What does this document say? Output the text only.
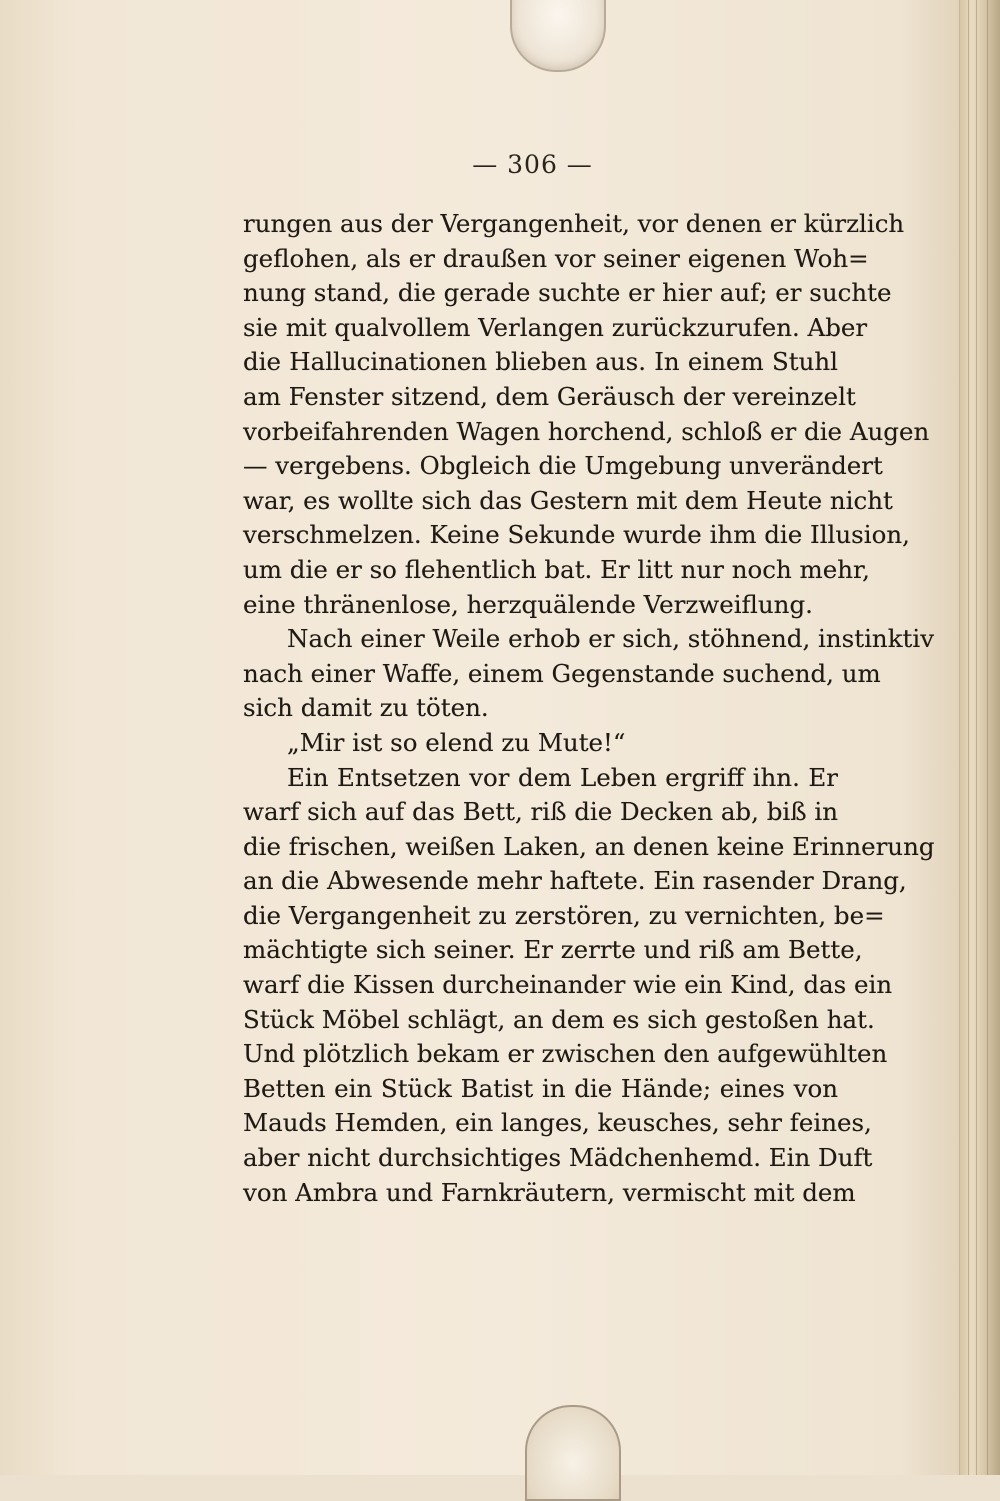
— 306 —
rungen aus der Vergangenheit, vor denen er kürzlich
geflohen, als er draußen vor seiner eigenen Woh=
nung stand, die gerade suchte er hier auf; er suchte
sie mit qualvollem Verlangen zurückzurufen. Aber
die Hallucinationen blieben aus. In einem Stuhl
am Fenster sitzend, dem Geräusch der vereinzelt
vorbeifahrenden Wagen horchend, schloß er die Augen
— vergebens. Obgleich die Umgebung unverändert
war, es wollte sich das Gestern mit dem Heute nicht
verschmelzen. Keine Sekunde wurde ihm die Illusion,
um die er so flehentlich bat. Er litt nur noch mehr,
eine thränenlose, herzquälende Verzweiflung.
Nach einer Weile erhob er sich, stöhnend, instinktiv
nach einer Waffe, einem Gegenstande suchend, um
sich damit zu töten.
„Mir ist so elend zu Mute!“
Ein Entsetzen vor dem Leben ergriff ihn. Er
warf sich auf das Bett, riß die Decken ab, biß in
die frischen, weißen Laken, an denen keine Erinnerung
an die Abwesende mehr haftete. Ein rasender Drang,
die Vergangenheit zu zerstören, zu vernichten, be=
mächtigte sich seiner. Er zerrte und riß am Bette,
warf die Kissen durcheinander wie ein Kind, das ein
Stück Möbel schlägt, an dem es sich gestoßen hat.
Und plötzlich bekam er zwischen den aufgewühlten
Betten ein Stück Batist in die Hände; eines von
Mauds Hemden, ein langes, keusches, sehr feines,
aber nicht durchsichtiges Mädchenhemd. Ein Duft
von Ambra und Farnkräutern, vermischt mit dem
